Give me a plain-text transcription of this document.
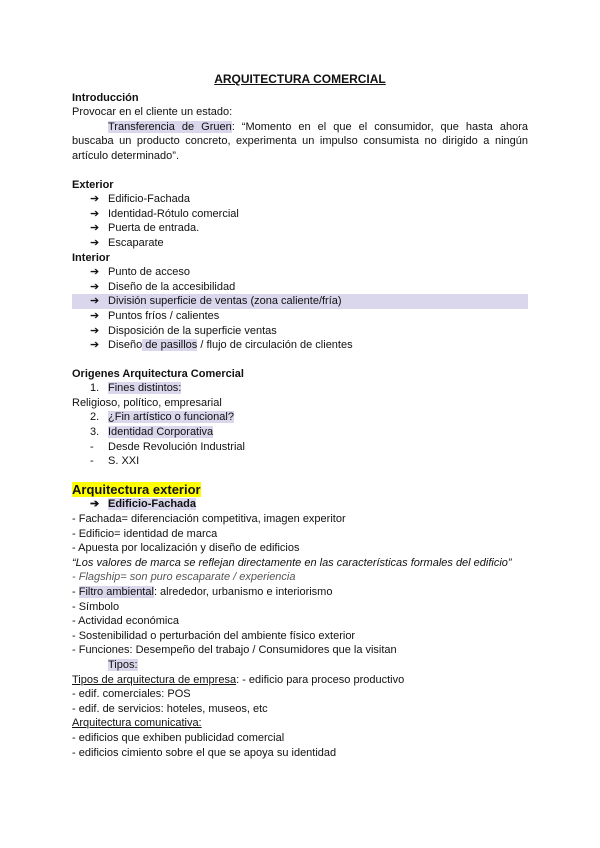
ARQUITECTURA COMERCIAL
Introducción
Provocar en el cliente un estado:
Transferencia de Gruen: “Momento en el que el consumidor, que hasta ahora buscaba un producto concreto, experimenta un impulso consumista no dirigido a ningún artículo determinado”.
Exterior
➔ Edificio-Fachada
➔ Identidad-Rótulo comercial
➔ Puerta de entrada.
➔ Escaparate
Interior
➔ Punto de acceso
➔ Diseño de la accesibilidad
➔ División superficie de ventas (zona caliente/fría)
➔ Puntos fríos / calientes
➔ Disposición de la superficie ventas
➔ Diseño de pasillos / flujo de circulación de clientes
Origenes Arquitectura Comercial
1. Fines distintos:
Religioso, político, empresarial
2. ¿Fin artístico o funcional?
3. Identidad Corporativa
- Desde Revolución Industrial
- S. XXI
Arquitectura exterior
➔ Edificio-Fachada
- Fachada= diferenciación competitiva, imagen experitor
- Edificio= identidad de marca
- Apuesta por localización y diseño de edificios
“Los valores de marca se reflejan directamente en las características formales del edificio”
- Flagship= son puro escaparate / experiencia
- Filtro ambiental: alrededor, urbanismo e interiorismo
- Símbolo
- Actividad económica
- Sostenibilidad o perturbación del ambiente físico exterior
- Funciones: Desempeño del trabajo / Consumidores que la visitan
Tipos:
Tipos de arquitectura de empresa: - edificio para proceso productivo
- edif. comerciales: POS
- edif. de servicios: hoteles, museos, etc
Arquitectura comunicativa:
- edificios que exhiben publicidad comercial
- edificios cimiento sobre el que se apoya su identidad
